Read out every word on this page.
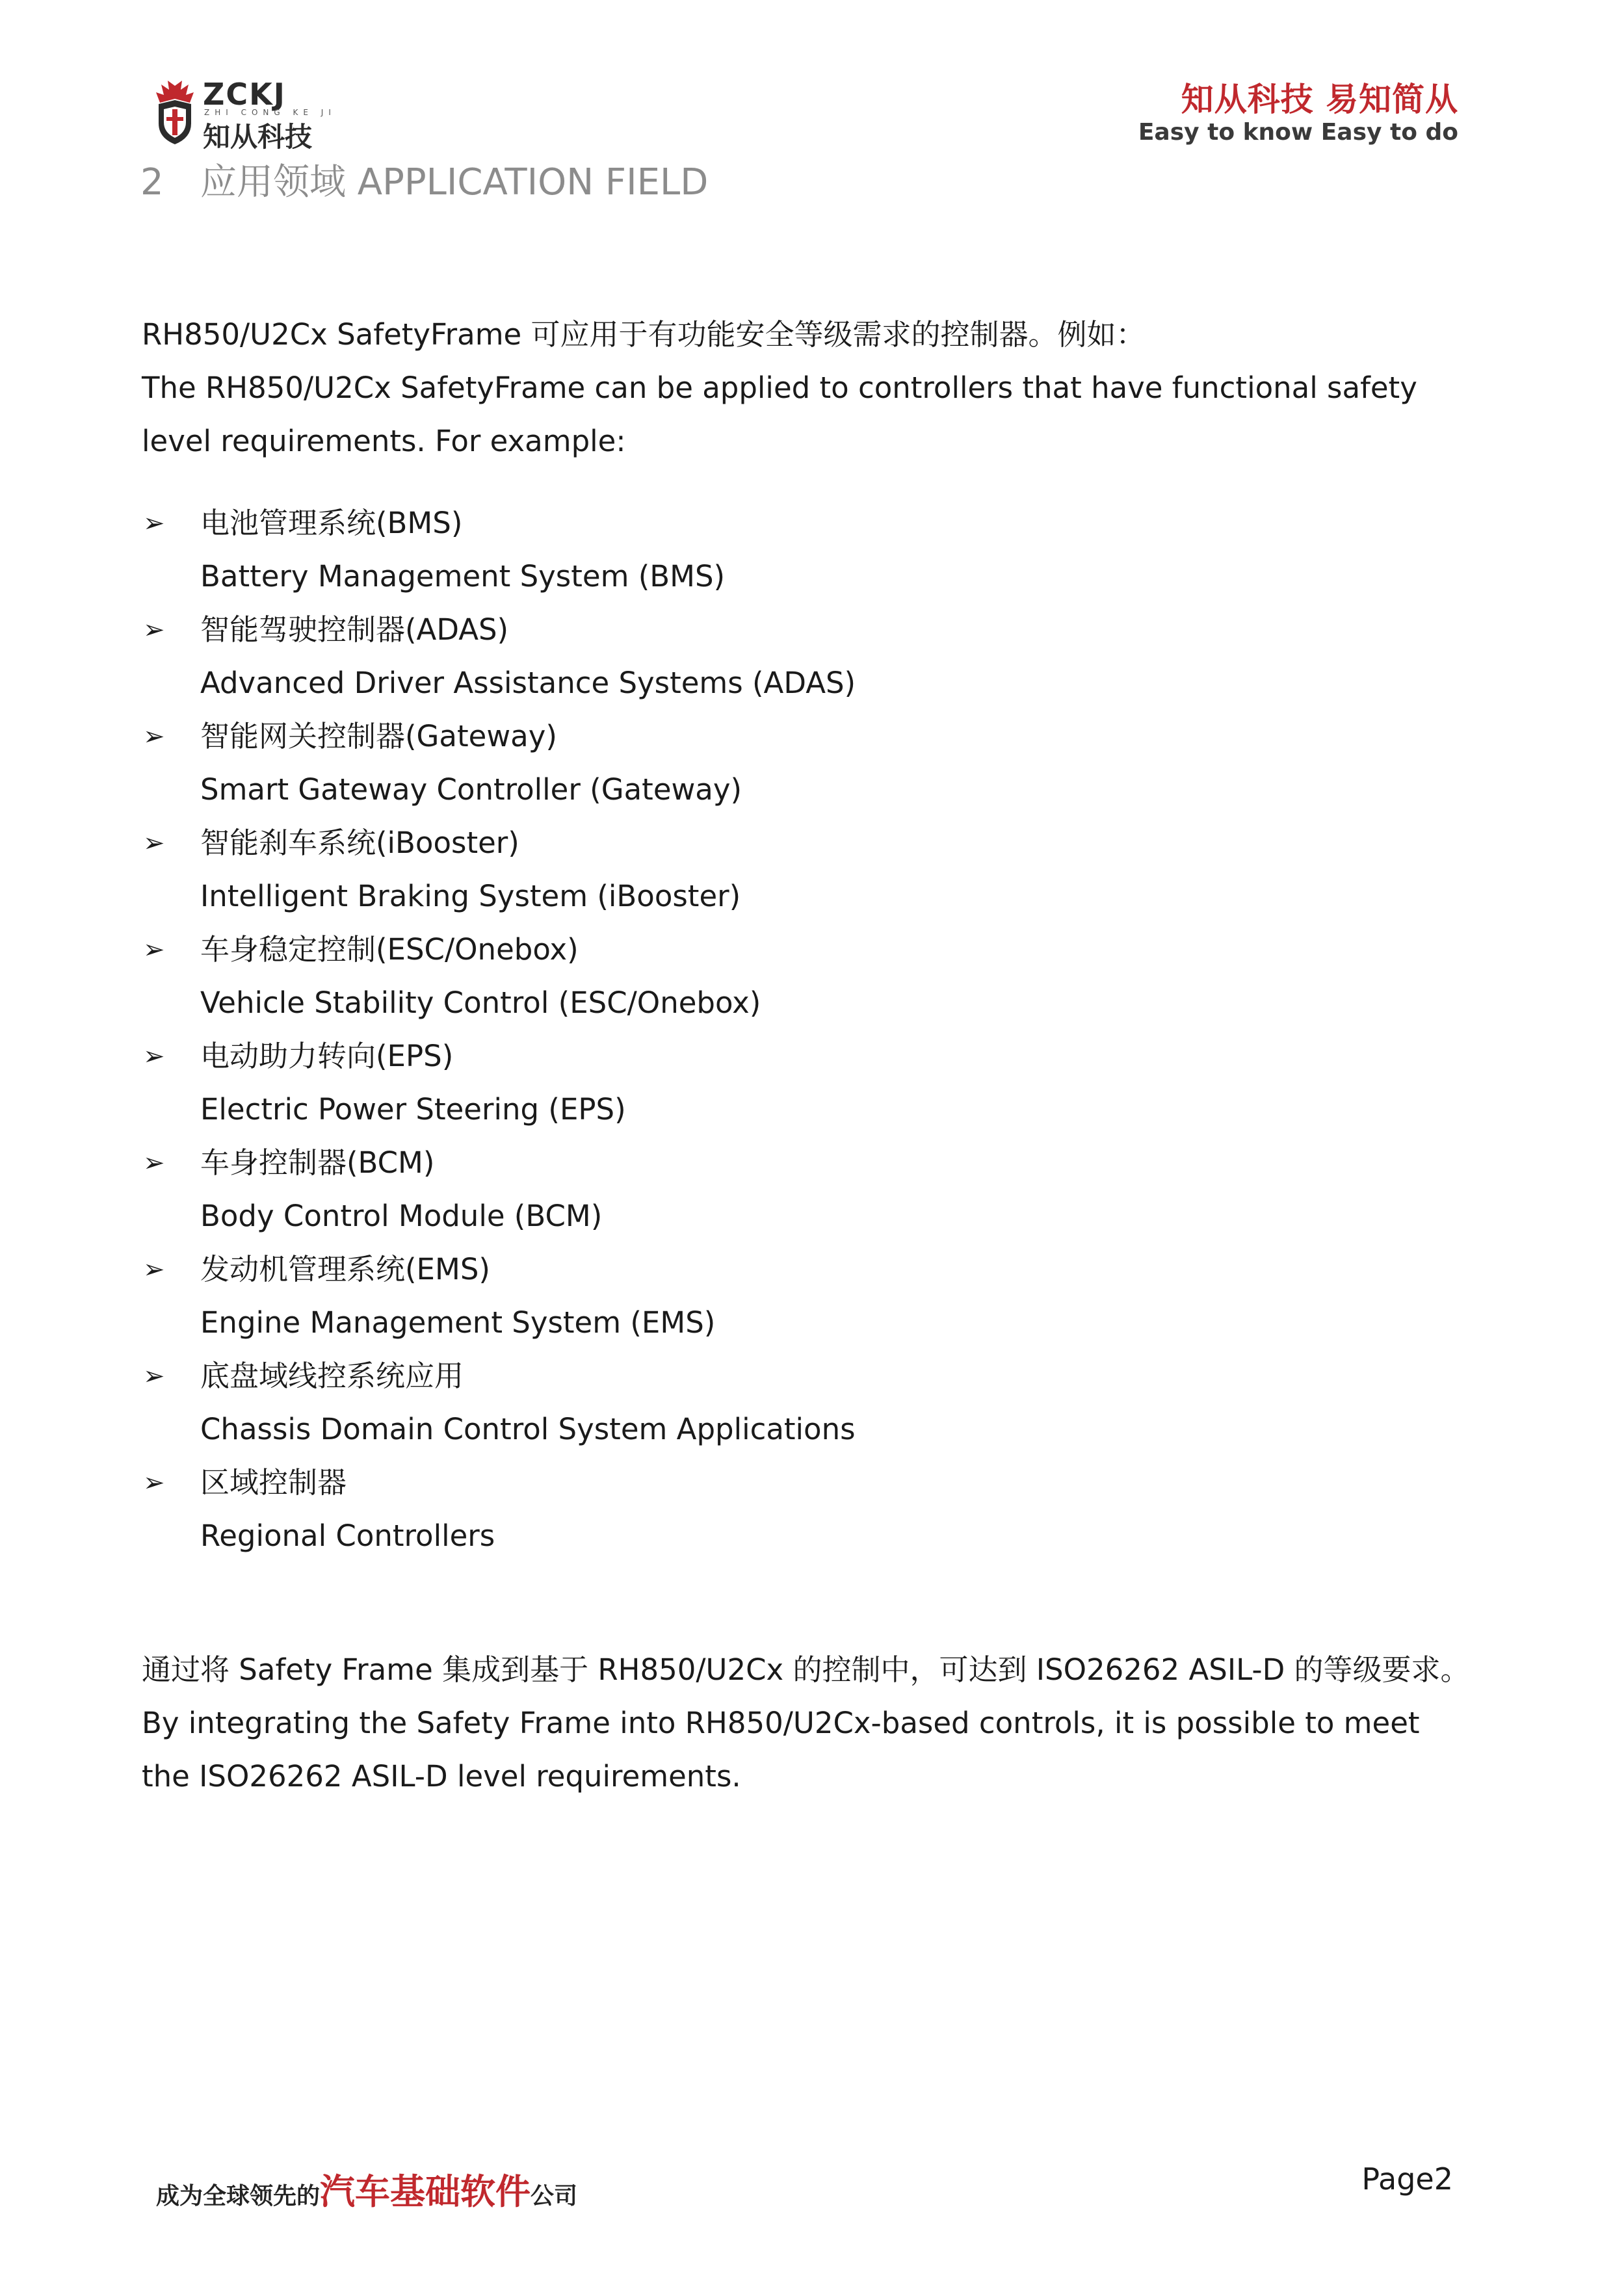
ZCKJ
ZHI CONG KE JI
知从科技
知从科技 易知简从
Easy to know Easy to do
2 应用领域 APPLICATION FIELD
RH850/U2Cx SafetyFrame 可应用于有功能安全等级需求的控制器。例如：
The RH850/U2Cx SafetyFrame can be applied to controllers that have functional safety level requirements. For example:
➢ 电池管理系统(BMS)
Battery Management System (BMS)
➢ 智能驾驶控制器(ADAS)
Advanced Driver Assistance Systems (ADAS)
➢ 智能网关控制器(Gateway)
Smart Gateway Controller (Gateway)
➢ 智能刹车系统(iBooster)
Intelligent Braking System (iBooster)
➢ 车身稳定控制(ESC/Onebox)
Vehicle Stability Control (ESC/Onebox)
➢ 电动助力转向(EPS)
Electric Power Steering (EPS)
➢ 车身控制器(BCM)
Body Control Module (BCM)
➢ 发动机管理系统(EMS)
Engine Management System (EMS)
➢ 底盘域线控系统应用
Chassis Domain Control System Applications
➢ 区域控制器
Regional Controllers
通过将 Safety Frame 集成到基于 RH850/U2Cx 的控制中，可达到 ISO26262 ASIL-D 的等级要求。
By integrating the Safety Frame into RH850/U2Cx-based controls, it is possible to meet the ISO26262 ASIL-D level requirements.
成为全球领先的汽车基础软件公司	Page2
